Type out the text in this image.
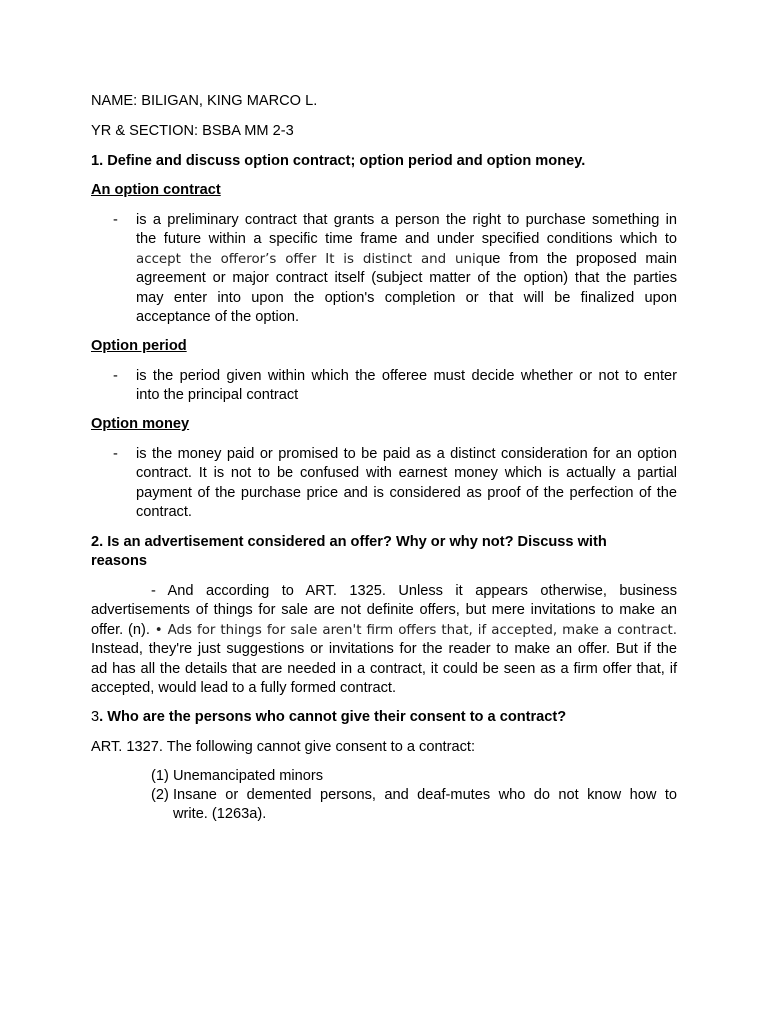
NAME: BILIGAN, KING MARCO L.
YR & SECTION: BSBA MM 2-3
1. Define and discuss option contract; option period and option money.
An option contract
- is a preliminary contract that grants a person the right to purchase something in
the future within a specific time frame and under specified conditions which to
accept the offeror’s offer It is distinct and unique from the proposed main
agreement or major contract itself (subject matter of the option) that the parties
may enter into upon the option's completion or that will be finalized upon
acceptance of the option.
Option period
- is the period given within which the offeree must decide whether or not to enter
into the principal contract
Option money
- is the money paid or promised to be paid as a distinct consideration for an option
contract. It is not to be confused with earnest money which is actually a partial
payment of the purchase price and is considered as proof of the perfection of the
contract.
2. Is an advertisement considered an offer? Why or why not? Discuss with
reasons
- And according to ART. 1325. Unless it appears otherwise, business
advertisements of things for sale are not definite offers, but mere invitations to make an
offer. (n). • Ads for things for sale aren't firm offers that, if accepted, make a contract.
Instead, they're just suggestions or invitations for the reader to make an offer. But if the
ad has all the details that are needed in a contract, it could be seen as a firm offer that, if
accepted, would lead to a fully formed contract.
3. Who are the persons who cannot give their consent to a contract?
ART. 1327. The following cannot give consent to a contract:
(1) Unemancipated minors
(2) Insane or demented persons, and deaf-mutes who do not know how to
write. (1263a).
